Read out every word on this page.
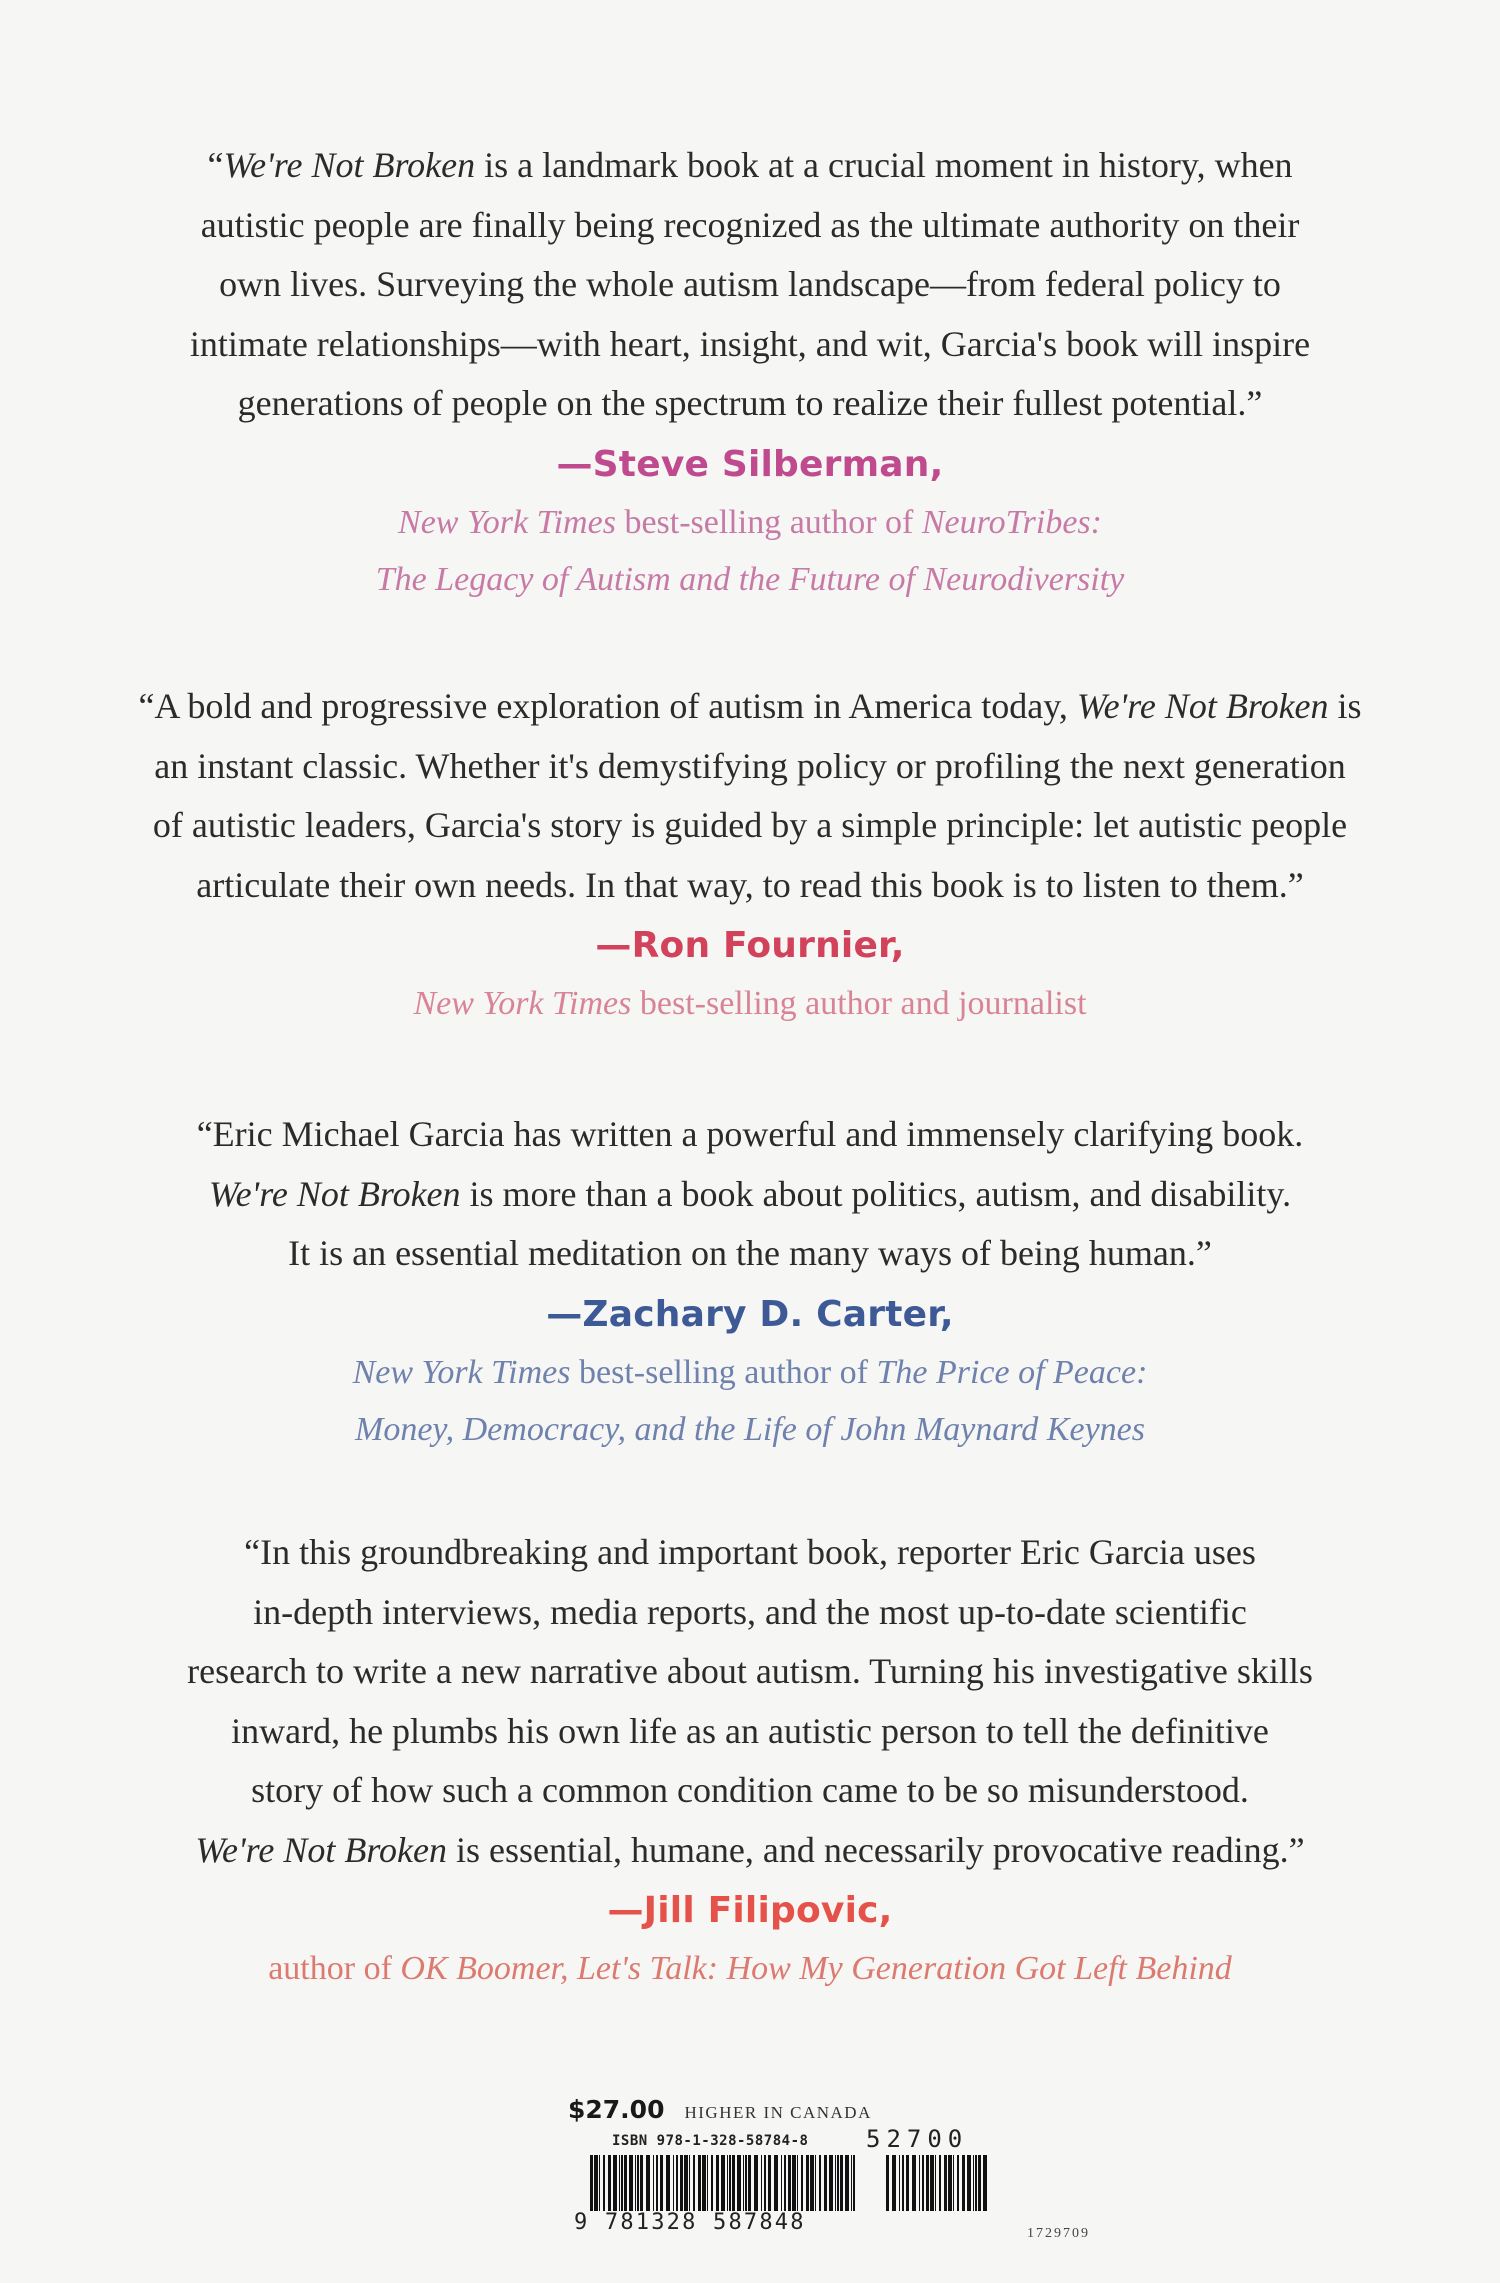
“We're Not Broken is a landmark book at a crucial moment in history, when
autistic people are finally being recognized as the ultimate authority on their
own lives. Surveying the whole autism landscape—from federal policy to
intimate relationships—with heart, insight, and wit, Garcia's book will inspire
generations of people on the spectrum to realize their fullest potential.”
—Steve Silberman,
New York Times best-selling author of NeuroTribes:
The Legacy of Autism and the Future of Neurodiversity
“A bold and progressive exploration of autism in America today, We're Not Broken is
an instant classic. Whether it's demystifying policy or profiling the next generation
of autistic leaders, Garcia's story is guided by a simple principle: let autistic people
articulate their own needs. In that way, to read this book is to listen to them.”
—Ron Fournier,
New York Times best-selling author and journalist
“Eric Michael Garcia has written a powerful and immensely clarifying book.
We're Not Broken is more than a book about politics, autism, and disability.
It is an essential meditation on the many ways of being human.”
—Zachary D. Carter,
New York Times best-selling author of The Price of Peace:
Money, Democracy, and the Life of John Maynard Keynes
“In this groundbreaking and important book, reporter Eric Garcia uses
in-depth interviews, media reports, and the most up-to-date scientific
research to write a new narrative about autism. Turning his investigative skills
inward, he plumbs his own life as an autistic person to tell the definitive
story of how such a common condition came to be so misunderstood.
We're Not Broken is essential, humane, and necessarily provocative reading.”
—Jill Filipovic,
author of OK Boomer, Let's Talk: How My Generation Got Left Behind
$27.00 HIGHER IN CANADA
ISBN 978-1-328-58784-8 52700
9 781328 587848	1729709
